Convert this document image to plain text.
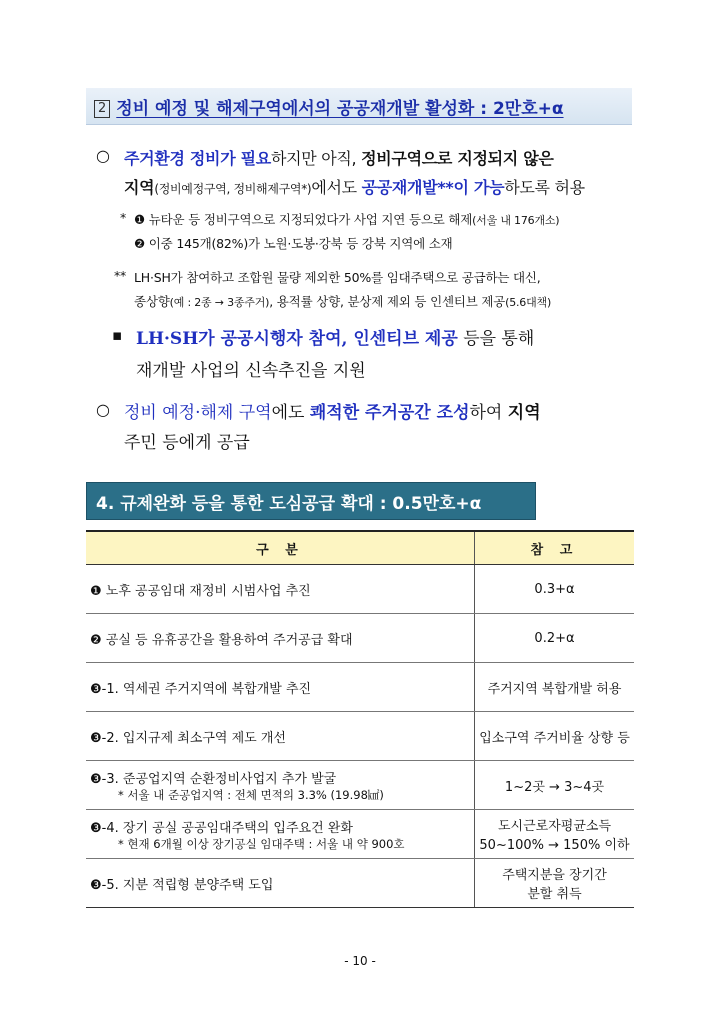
2 정비 예정 및 해제구역에서의 공공재개발 활성화 : 2만호+α
○ 주거환경 정비가 필요하지만 아직, 정비구역으로 지정되지 않은
지역(정비예정구역, 정비해제구역*)에서도 공공재개발**이 가능하도록 허용
* ❶ 뉴타운 등 정비구역으로 지정되었다가 사업 지연 등으로 해제(서울 내 176개소)
❷ 이중 145개(82%)가 노원·도봉·강북 등 강북 지역에 소재
** LH·SH가 참여하고 조합원 물량 제외한 50%를 임대주택으로 공급하는 대신,
종상향(예 : 2종 → 3종주거), 용적률 상향, 분상제 제외 등 인센티브 제공(5.6대책)
▪ LH·SH가 공공시행자 참여, 인센티브 제공 등을 통해
재개발 사업의 신속추진을 지원
○ 정비 예정·해제 구역에도 쾌적한 주거공간 조성하여 지역
주민 등에게 공급
4. 규제완화 등을 통한 도심공급 확대 : 0.5만호+α
구 분	참 고
❶ 노후 공공임대 재정비 시범사업 추진	0.3+α
❷ 공실 등 유휴공간을 활용하여 주거공급 확대	0.2+α
❸-1. 역세권 주거지역에 복합개발 추진	주거지역 복합개발 허용
❸-2. 입지규제 최소구역 제도 개선	입소구역 주거비율 상향 등
❸-3. 준공업지역 순환정비사업지 추가 발굴
* 서울 내 준공업지역 : 전체 면적의 3.3% (19.98㎢)	1~2곳 → 3~4곳
❸-4. 장기 공실 공공임대주택의 입주요건 완화
* 현재 6개월 이상 장기공실 임대주택 : 서울 내 약 900호	도시근로자평균소득
50~100% → 150% 이하
❸-5. 지분 적립형 분양주택 도입	주택지분을 장기간
분할 취득
- 10 -
